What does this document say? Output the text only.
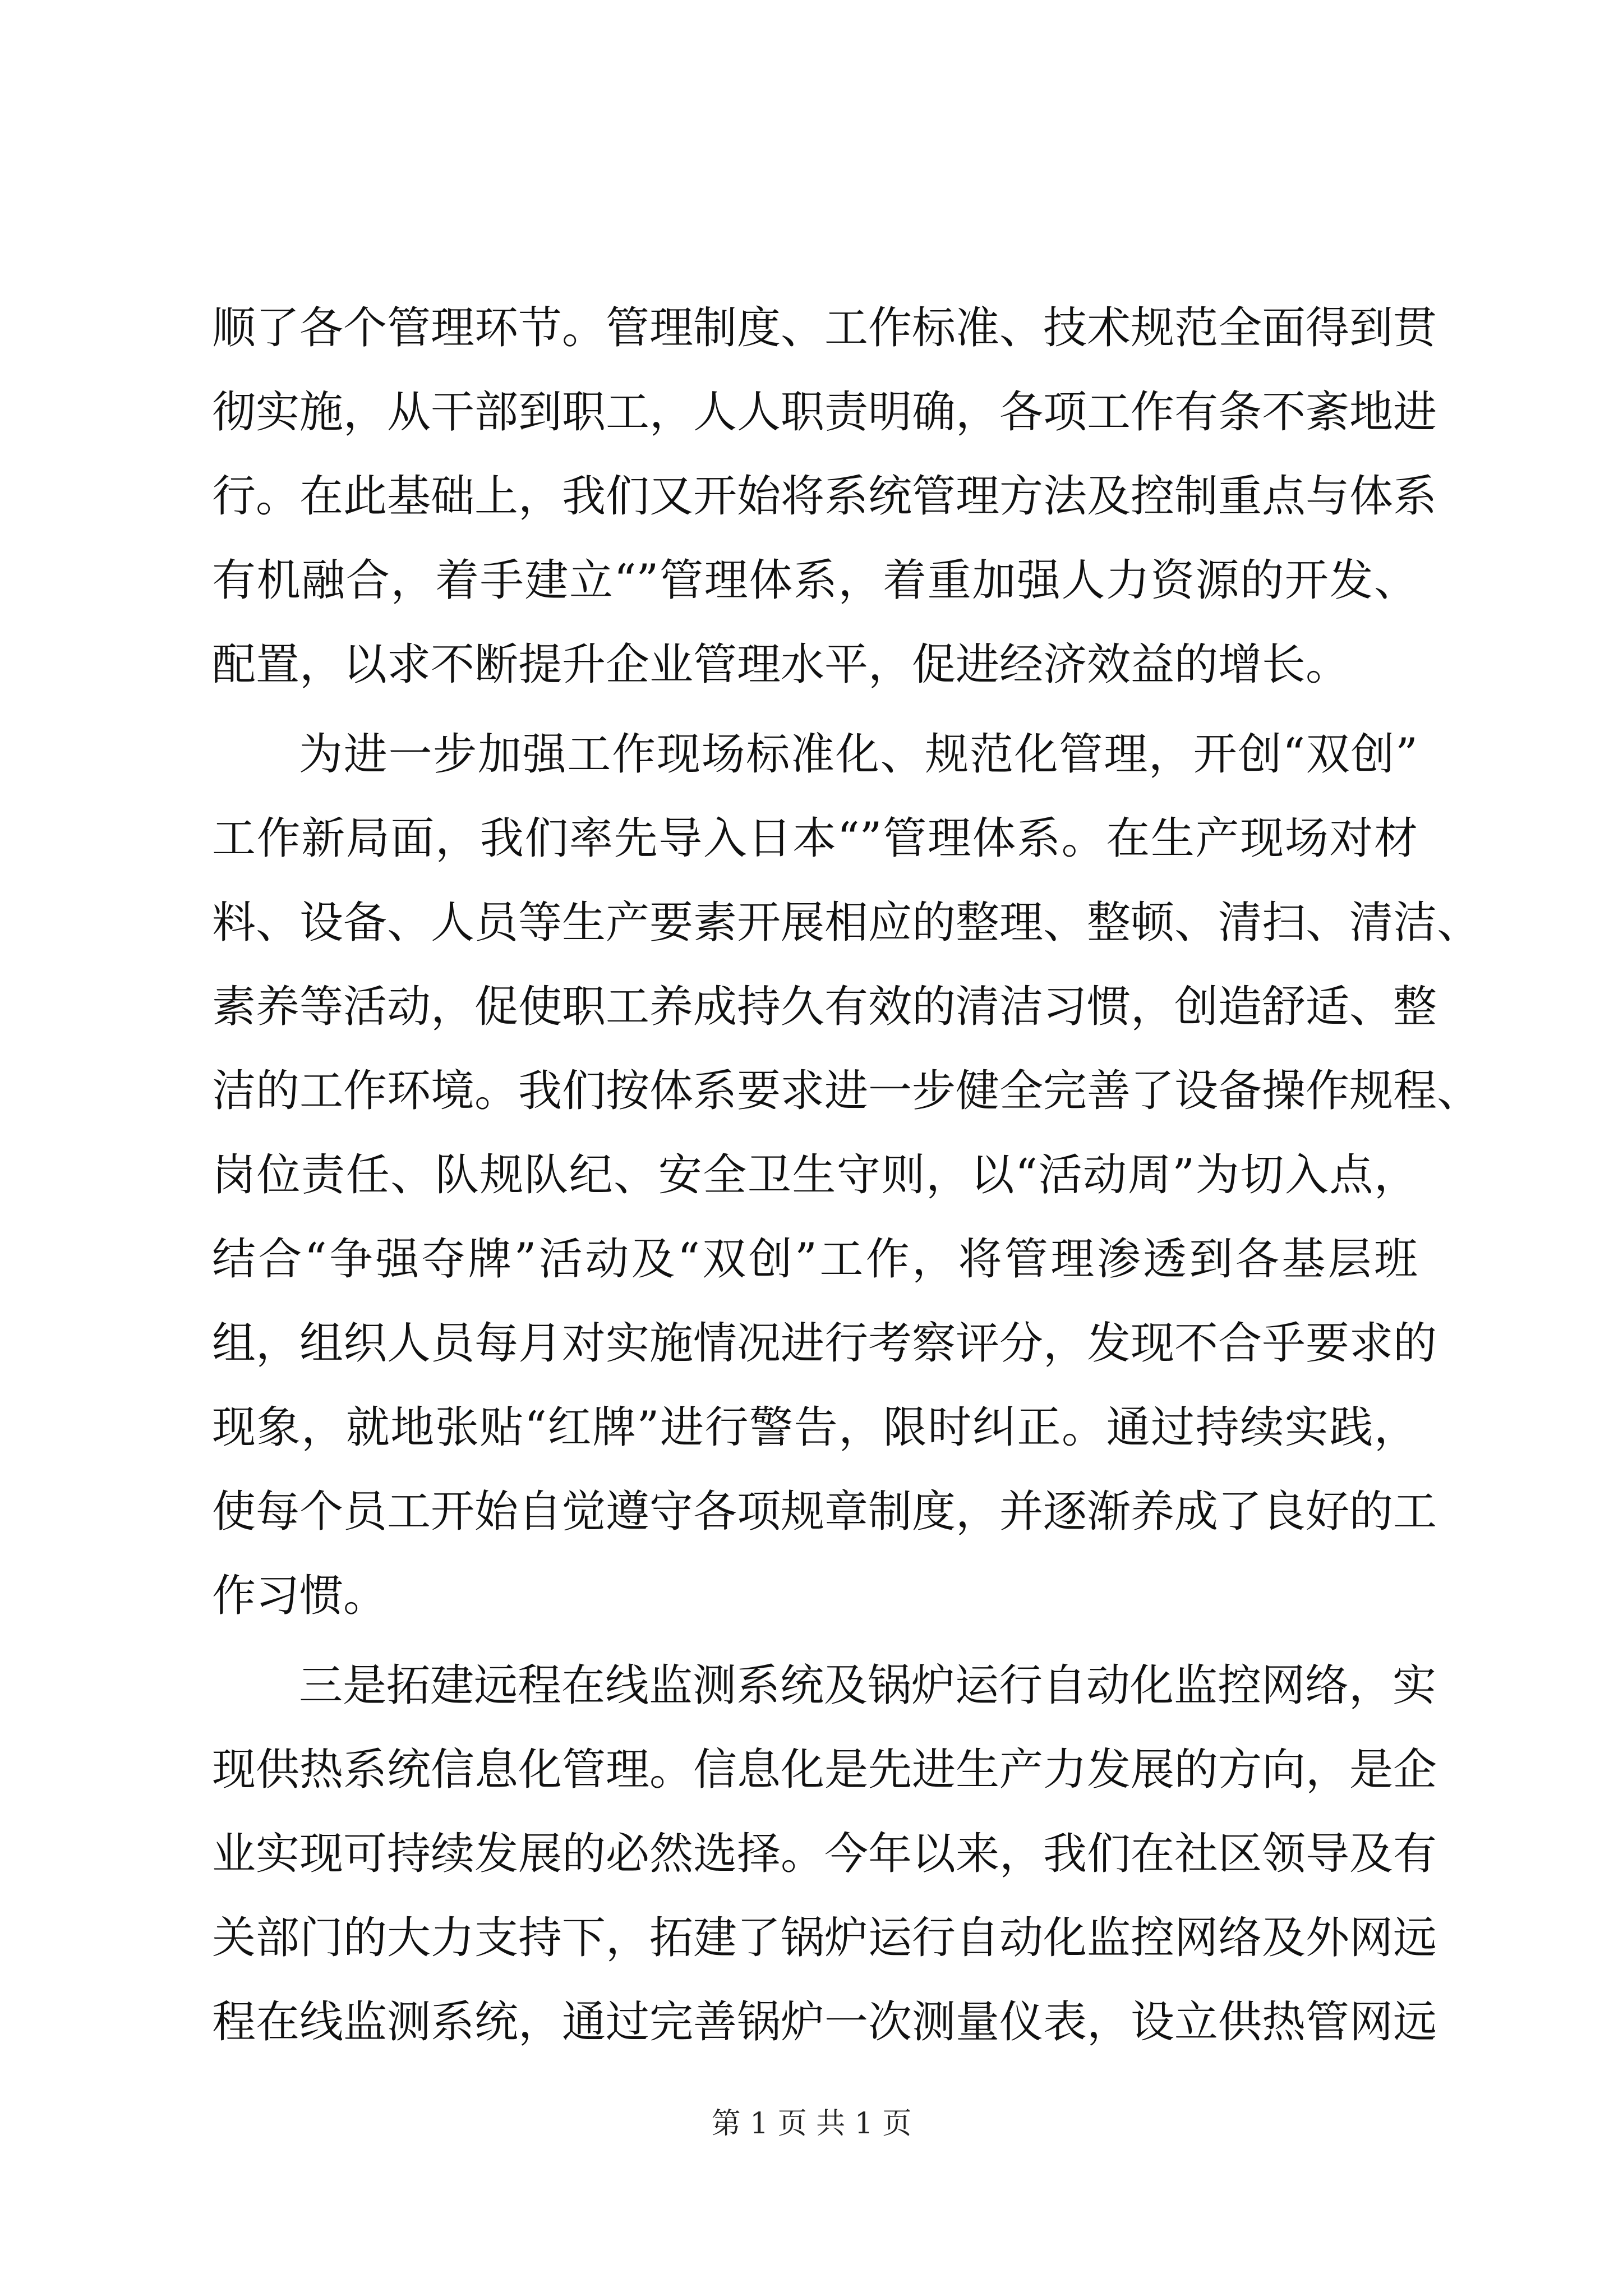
顺了各个管理环节。管理制度、工作标准、技术规范全面得到贯
彻实施，从干部到职工，人人职责明确，各项工作有条不紊地进
行。在此基础上，我们又开始将系统管理方法及控制重点与体系
有机融合，着手建立“”管理体系，着重加强人力资源的开发、
配置，以求不断提升企业管理水平，促进经济效益的增长。
为进一步加强工作现场标准化、规范化管理，开创“双创”
工作新局面，我们率先导入日本“”管理体系。在生产现场对材
料、设备、人员等生产要素开展相应的整理、整顿、清扫、清洁、
素养等活动，促使职工养成持久有效的清洁习惯，创造舒适、整
洁的工作环境。我们按体系要求进一步健全完善了设备操作规程、
岗位责任、队规队纪、安全卫生守则，以“活动周”为切入点，
结合“争强夺牌”活动及“双创”工作，将管理渗透到各基层班
组，组织人员每月对实施情况进行考察评分，发现不合乎要求的
现象，就地张贴“红牌”进行警告，限时纠正。通过持续实践，
使每个员工开始自觉遵守各项规章制度，并逐渐养成了良好的工
作习惯。
三是拓建远程在线监测系统及锅炉运行自动化监控网络，实
现供热系统信息化管理。信息化是先进生产力发展的方向，是企
业实现可持续发展的必然选择。今年以来，我们在社区领导及有
关部门的大力支持下，拓建了锅炉运行自动化监控网络及外网远
程在线监测系统，通过完善锅炉一次测量仪表，设立供热管网远
第 1 页 共 1 页
